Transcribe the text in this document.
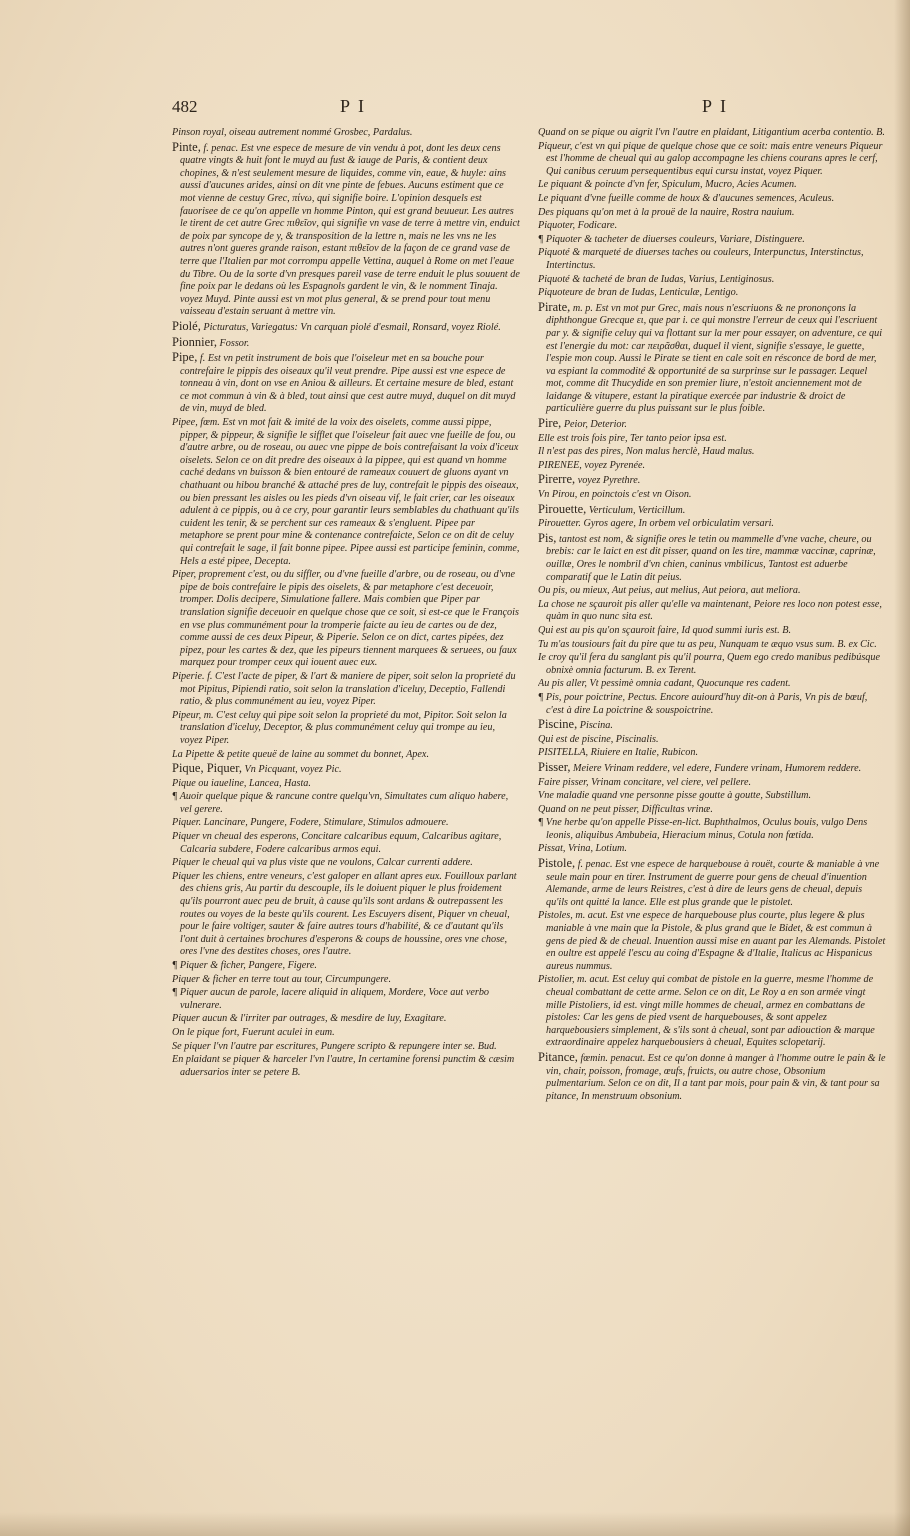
482	PI	PI

Pinson royal, oiseau autrement nommé Grosbec, Pardalus.

Pinte, f. penac. Est vne espece de mesure de vin vendu à pot, dont les deux cens quatre vingts & huit font le muyd au fust & iauge de Paris, & contient deux chopines, & n'est seulement mesure de liquides, comme vin, eaue, & huyle: ains aussi d'aucunes arides, ainsi on dit vne pinte de febues. Aucuns estiment que ce mot vienne de cestuy Grec, πίνω, qui signifie boire. L'opinion desquels est fauorisee de ce qu'on appelle vn homme Pinton, qui est grand beuueur. Les autres le tirent de cet autre Grec πιθεῖον, qui signifie vn vase de terre à mettre vin, enduict de poix par syncope de y, & transposition de la lettre n, mais ne les vns ne les autres n'ont gueres grande raison, estant πιθεῖον de la façon de ce grand vase de terre que l'Italien par mot corrompu appelle Vettina, auquel à Rome on met l'eaue du Tibre. Ou de la sorte d'vn presques pareil vase de terre enduit le plus souuent de fine poix par le dedans où les Espagnols gardent le vin, & le nomment Tinaja. voyez Muyd. Pinte aussi est vn mot plus general, & se prend pour tout menu vaisseau d'estain seruant à mettre vin.

Piolé, Picturatus, Variegatus: Vn carquan piolé d'esmail, Ronsard, voyez Riolé.

Pionnier, Fossor.

Pipe, f. Est vn petit instrument de bois que l'oiseleur met en sa bouche pour contrefaire le pippis des oiseaux qu'il veut prendre. Pipe aussi est vne espece de tonneau à vin, dont on vse en Aniou & ailleurs. Et certaine mesure de bled, estant ce mot commun à vin & à bled, tout ainsi que cest autre muyd, duquel on dit muyd de vin, muyd de bled.

Pipee, fœm. Est vn mot fait & imité de la voix des oiselets, comme aussi pippe, pipper, & pippeur, & signifie le sifflet que l'oiseleur fait auec vne fueille de fou, ou d'autre arbre, ou de roseau, ou auec vne pippe de bois contrefaisant la voix d'iceux oiselets. Selon ce on dit predre des oiseaux à la pippee, qui est quand vn homme caché dedans vn buisson & bien entouré de rameaux couuert de gluons ayant vn chathuant ou hibou branché & attaché pres de luy, contrefait le pippis des oiseaux, ou bien pressant les aisles ou les pieds d'vn oiseau vif, le fait crier, car les oiseaux adulent à ce pippis, ou à ce cry, pour garantir leurs semblables du chathuant qu'ils cuident les tenir, & se perchent sur ces rameaux & s'engluent. Pipee par metaphore se prent pour mine & contenance contrefaicte, Selon ce on dit de celuy qui contrefait le sage, il fait bonne pipee. Pipee aussi est participe feminin, comme, Hels a esté pipee, Decepta.

Piper, proprement c'est, ou du siffler, ou d'vne fueille d'arbre, ou de roseau, ou d'vne pipe de bois contrefaire le pipis des oiselets, & par metaphore c'est deceuoir, tromper. Dolis decipere, Simulatione fallere. Mais combien que Piper par translation signifie deceuoir en quelque chose que ce soit, si est-ce que le François en vse plus communément pour la tromperie faicte au ieu de cartes ou de dez, comme aussi de ces deux Pipeur, & Piperie. Selon ce on dict, cartes pipées, dez pipez, pour les cartes & dez, que les pipeurs tiennent marquees & seruees, ou faux marquez pour tromper ceux qui iouent auec eux.

Piperie. f. C'est l'acte de piper, & l'art & maniere de piper, soit selon la proprieté du mot Pipitus, Pipiendi ratio, soit selon la translation d'iceluy, Deceptio, Fallendi ratio, & plus communément au ieu, voyez Piper.

Pipeur, m. C'est celuy qui pipe soit selon la proprieté du mot, Pipitor. Soit selon la translation d'iceluy, Deceptor, & plus communément celuy qui trompe au ieu, voyez Piper.

La Pipette & petite queuë de laine au sommet du bonnet, Apex.

Pique, Piquer, Vn Picquant, voyez Pic.

Pique ou iaueline, Lancea, Hasta.

¶ Auoir quelque pique & rancune contre quelqu'vn, Simultates cum aliquo habere, vel gerere.

Piquer. Lancinare, Pungere, Fodere, Stimulare, Stimulos admouere.

Piquer vn cheual des esperons, Concitare calcaribus equum, Calcaribus agitare, Calcaria subdere, Fodere calcaribus armos equi.

Piquer le cheual qui va plus viste que ne voulons, Calcar currenti addere.

Piquer les chiens, entre veneurs, c'est galoper en allant apres eux. Fouilloux parlant des chiens gris, Au partir du descouple, ils le doiuent piquer le plus froidement qu'ils pourront auec peu de bruit, à cause qu'ils sont ardans & outrepassent les routes ou voyes de la beste qu'ils courent. Les Escuyers disent, Piquer vn cheual, pour le faire voltiger, sauter & faire autres tours d'habilité, & ce d'autant qu'ils l'ont duit à certaines brochures d'esperons & coups de houssine, ores vne chose, ores l'vne des destites choses, ores l'autre.

¶ Piquer & ficher, Pangere, Figere.

Piquer & ficher en terre tout au tour, Circumpungere.

¶ Piquer aucun de parole, lacere aliquid in aliquem, Mordere, Voce aut verbo vulnerare.

Piquer aucun & l'irriter par outrages, & mesdire de luy, Exagitare.

On le pique fort, Fuerunt aculei in eum.

Se piquer l'vn l'autre par escritures, Pungere scripto & repungere inter se. Bud.

En plaidant se piquer & harceler l'vn l'autre, In certamine forensi punctim & cæsim aduersarios inter se petere B.

Quand on se pique ou aigrit l'vn l'autre en plaidant, Litigantium acerba contentio. B.

Piqueur, c'est vn qui pique de quelque chose que ce soit: mais entre veneurs Piqueur est l'homme de cheual qui au galop accompagne les chiens courans apres le cerf, Qui canibus ceruum persequentibus equi cursu instat, voyez Piquer.

Le piquant & poincte d'vn fer, Spiculum, Mucro, Acies Acumen.

Le piquant d'vne fueille comme de houx & d'aucunes semences, Aculeus.

Des piquans qu'on met à la prouë de la nauire, Rostra nauium.

Piquoter, Fodicare.

¶ Piquoter & tacheter de diuerses couleurs, Variare, Distinguere.

Piquoté & marqueté de diuerses taches ou couleurs, Interpunctus, Interstinctus, Intertinctus.

Piquoté & tacheté de bran de Iudas, Varius, Lentiginosus.

Piquoteure de bran de Iudas, Lenticulæ, Lentigo.

Pirate, m. p. Est vn mot pur Grec, mais nous n'escriuons & ne prononçons la diphthongue Grecque ει, que par i. ce qui monstre l'erreur de ceux qui l'escriuent par y. & signifie celuy qui va flottant sur la mer pour essayer, on adventure, ce qui est l'energie du mot: car πειρᾶσθαι, duquel il vient, signifie s'essaye, le guette, l'espie mon coup. Aussi le Pirate se tient en cale soit en résconce de bord de mer, va espiant la commodité & opportunité de sa surprinse sur le passager. Lequel mot, comme dit Thucydide en son premier liure, n'estoit anciennement mot de laidange & vitupere, estant la piratique exercée par industrie & droict de particulière guerre du plus puissant sur le plus foible.

Pire, Peior, Deterior.

Elle est trois fois pire, Ter tanto peior ipsa est.

Il n'est pas des pires, Non malus herclè, Haud malus.

PIRENEE, voyez Pyrenée.

Pirerre, voyez Pyrethre.

Vn Pirou, en poinctois c'est vn Oison.

Pirouette, Verticulum, Verticillum.

Pirouetter. Gyros agere, In orbem vel orbiculatim versari.

Pis, tantost est nom, & signifie ores le tetin ou mammelle d'vne vache, cheure, ou brebis: car le laict en est dit pisser, quand on les tire, mammæ vaccinæ, caprinæ, ouillæ, Ores le nombril d'vn chien, caninus vmbilicus, Tantost est aduerbe comparatif que le Latin dit peius.

Ou pis, ou mieux, Aut peius, aut melius, Aut peiora, aut meliora.

La chose ne sçauroit pis aller qu'elle va maintenant, Peiore res loco non potest esse, quàm in quo nunc sita est.

Qui est au pis qu'on sçauroit faire, Id quod summi iuris est. B.

Tu m'as tousiours fait du pire que tu as peu, Nunquam te æquo vsus sum. B. ex Cic.

Ie croy qu'il fera du sanglant pis qu'il pourra, Quem ego credo manibus pedibúsque obnixè omnia facturum. B. ex Terent.

Au pis aller, Vt pessimè omnia cadant, Quocunque res cadent.

¶ Pis, pour poictrine, Pectus. Encore auiourd'huy dit-on à Paris, Vn pis de bœuf, c'est à dire La poictrine & souspoictrine.

Piscine, Piscina.

Qui est de piscine, Piscinalis.

PISITELLA, Riuiere en Italie, Rubicon.

Pisser, Meiere Vrinam reddere, vel edere, Fundere vrinam, Humorem reddere.

Faire pisser, Vrinam concitare, vel ciere, vel pellere.

Vne maladie quand vne personne pisse goutte à goutte, Substillum.

Quand on ne peut pisser, Difficultas vrinæ.

¶ Vne herbe qu'on appelle Pisse-en-lict. Buphthalmos, Oculus bouis, vulgo Dens leonis, aliquibus Ambubeia, Hieracium minus, Cotula non fœtida.

Pissat, Vrina, Lotium.

Pistole, f. penac. Est vne espece de harquebouse à rouët, courte & maniable à vne seule main pour en tirer. Instrument de guerre pour gens de cheual d'inuention Alemande, arme de leurs Reistres, c'est à dire de leurs gens de cheual, depuis qu'ils ont quitté la lance. Elle est plus grande que le pistolet.

Pistoles, m. acut. Est vne espece de harquebouse plus courte, plus legere & plus maniable à vne main que la Pistole, & plus grand que le Bidet, & est commun à gens de pied & de cheual. Inuention aussi mise en auant par les Alemands. Pistolet en oultre est appelé l'escu au coing d'Espagne & d'Italie, Italicus ac Hispanicus aureus nummus.

Pistolier, m. acut. Est celuy qui combat de pistole en la guerre, mesme l'homme de cheual combattant de cette arme. Selon ce on dit, Le Roy a en son armée vingt mille Pistoliers, id est. vingt mille hommes de cheual, armez en combattans de pistoles: Car les gens de pied vsent de harquebouses, & sont appelez harquebousiers simplement, & s'ils sont à cheual, sont par adiouction & marque extraordinaire appelez harquebousiers à cheual, Equites sclopetarij.

Pitance, fœmin. penacut. Est ce qu'on donne à manger à l'homme outre le pain & le vin, chair, poisson, fromage, œufs, fruicts, ou autre chose, Obsonium pulmentarium. Selon ce on dit, Il a tant par mois, pour pain & vin, & tant pour sa pitance, In menstruum obsonium.
